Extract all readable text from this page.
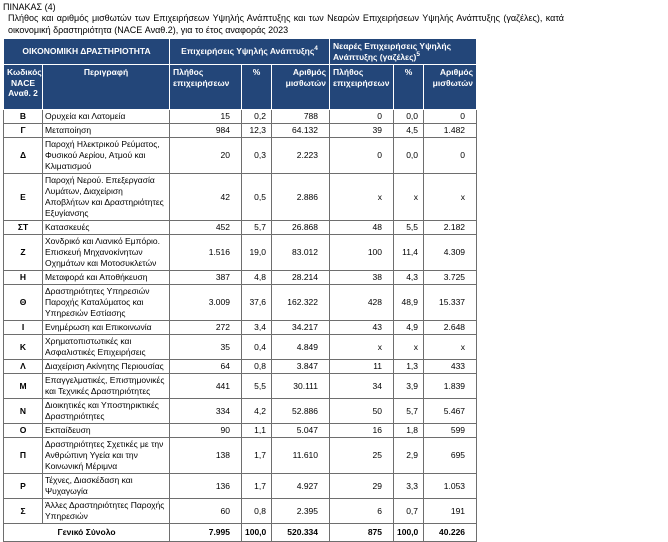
ΠΙΝΑΚΑΣ (4)
Πλήθος και αριθμός μισθωτών των Επιχειρήσεων Υψηλής Ανάπτυξης και των Νεαρών Επιχειρήσεων Υψηλής Ανάπτυξης (γαζέλες), κατά οικονομική δραστηριότητα (NACE Αναθ.2), για το έτος αναφοράς 2023
ΟΙΚΟΝΟΜΙΚΗ ΔΡΑΣΤΗΡΙΟΤΗΤΑ		Επιχειρήσεις Υψηλής Ανάπτυξης$^4$			Νεαρές Επιχειρήσεις Υψηλής Ανάπτυξης $(\gamma\alpha\zeta έ\lambda\varepsilon\varsigma)^5$
Κωδικός NACE Αναθ. 2	Περιγραφή	Πλήθος επιχειρήσεων	%	Αριθμός μισθωτών	Πλήθος επιχειρήσεων	%	Αριθμός μισθωτών
Β	Ορυχεία και Λατομεία	15	0,2	788	0	0,0	0
Γ	Μεταποίηση	984	12,3	64.132	39	4,5	1.482
Δ	Παροχή Ηλεκτρικού Ρεύματος, Φυσικού Αερίου, Ατμού και Κλιματισμού	20	0,3	2.223	0	0,0	0
Ε	Παροχή Νερού. Επεξεργασία Λυμάτων, Διαχείριση Αποβλήτων και Δραστηριότητες Εξυγίανσης	42	0,5	2.886	x	x	x
ΣΤ	Κατασκευές	452	5,7	26.868	48	5,5	2.182
Ζ	Χονδρικό και Λιανικό Εμπόριο. Επισκευή Μηχανοκίνητων Οχημάτων και Μοτοσυκλετών	1.516	19,0	83.012	100	11,4	4.309
Η	Μεταφορά και Αποθήκευση	387	4,8	28.214	38	4,3	3.725
Θ	Δραστηριότητες Υπηρεσιών Παροχής Καταλύματος και Υπηρεσιών Εστίασης	3.009	37,6	162.322	428	48,9	15.337
Ι	Ενημέρωση και Επικοινωνία	272	3,4	34.217	43	4,9	2.648
Κ	Χρηματοπιστωτικές και Ασφαλιστικές Επιχειρήσεις	35	0,4	4.849	x	x	x
Λ	Διαχείριση Ακίνητης Περιουσίας	64	0,8	3.847	11	1,3	433
Μ	Επαγγελματικές, Επιστημονικές και Τεχνικές Δραστηριότητες	441	5,5	30.111	34	3,9	1.839
Ν	Διοικητικές και Υποστηρικτικές Δραστηριότητες	334	4,2	52.886	50	5,7	5.467
Ο	Εκπαίδευση	90	1,1	5.047	16	1,8	599
Π	Δραστηριότητες Σχετικές με την Ανθρώπινη Υγεία και την Κοινωνική Μέριμνα	138	1,7	11.610	25	2,9	695
Ρ	Τέχνες, Διασκέδαση και Ψυχαγωγία	136	1,7	4.927	29	3,3	1.053
Σ	Άλλες Δραστηριότητες Παροχής Υπηρεσιών	60	0,8	2.395	6	0,7	191
Γενικό Σύνολο		7.995	100,0	520.334	875	100,0	40.226
